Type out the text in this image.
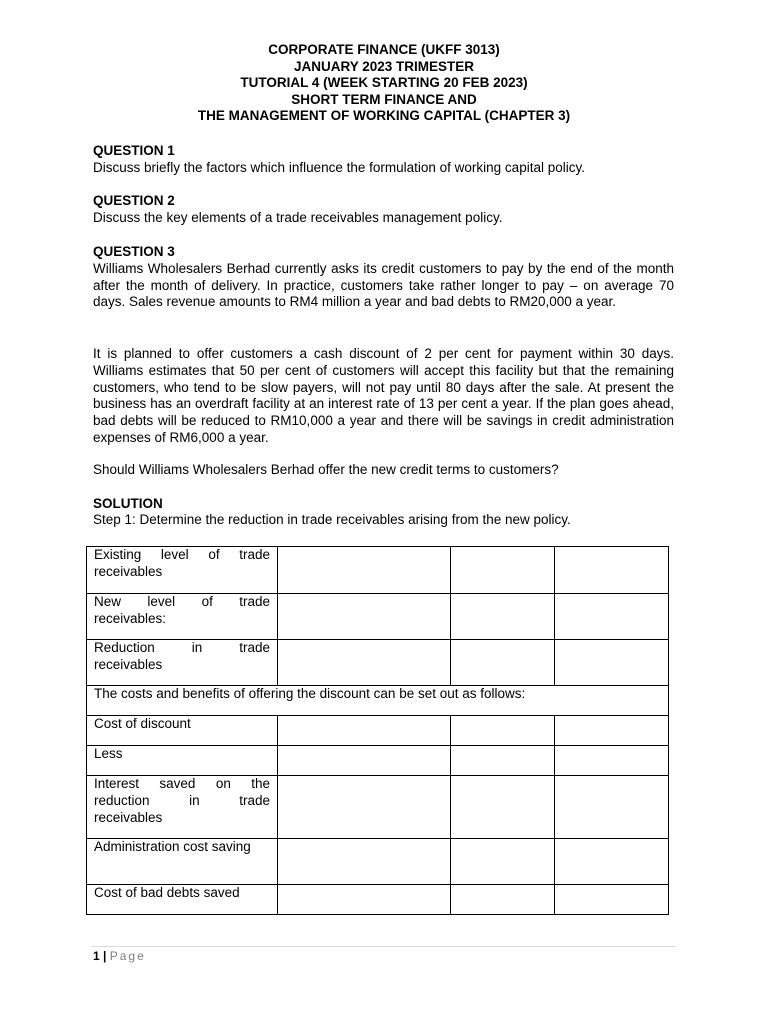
CORPORATE FINANCE (UKFF 3013)
JANUARY 2023 TRIMESTER
TUTORIAL 4 (WEEK STARTING 20 FEB 2023)
SHORT TERM FINANCE AND
THE MANAGEMENT OF WORKING CAPITAL (CHAPTER 3)
QUESTION 1
Discuss briefly the factors which influence the formulation of working capital policy.
QUESTION 2
Discuss the key elements of a trade receivables management policy.
QUESTION 3
Williams Wholesalers Berhad currently asks its credit customers to pay by the end of the month after the month of delivery. In practice, customers take rather longer to pay – on average 70 days. Sales revenue amounts to RM4 million a year and bad debts to RM20,000 a year.
It is planned to offer customers a cash discount of 2 per cent for payment within 30 days. Williams estimates that 50 per cent of customers will accept this facility but that the remaining customers, who tend to be slow payers, will not pay until 80 days after the sale. At present the business has an overdraft facility at an interest rate of 13 per cent a year. If the plan goes ahead, bad debts will be reduced to RM10,000 a year and there will be savings in credit administration expenses of RM6,000 a year.
Should Williams Wholesalers Berhad offer the new credit terms to customers?
SOLUTION
Step 1: Determine the reduction in trade receivables arising from the new policy.
Existing level of trade receivables			
New level of trade receivables:			
Reduction in trade receivables			
The costs and benefits of offering the discount can be set out as follows:			
Cost of discount			
Less			
Interest saved on the reduction in trade receivables			
Administration cost saving			
Cost of bad debts saved			
1 | Page
